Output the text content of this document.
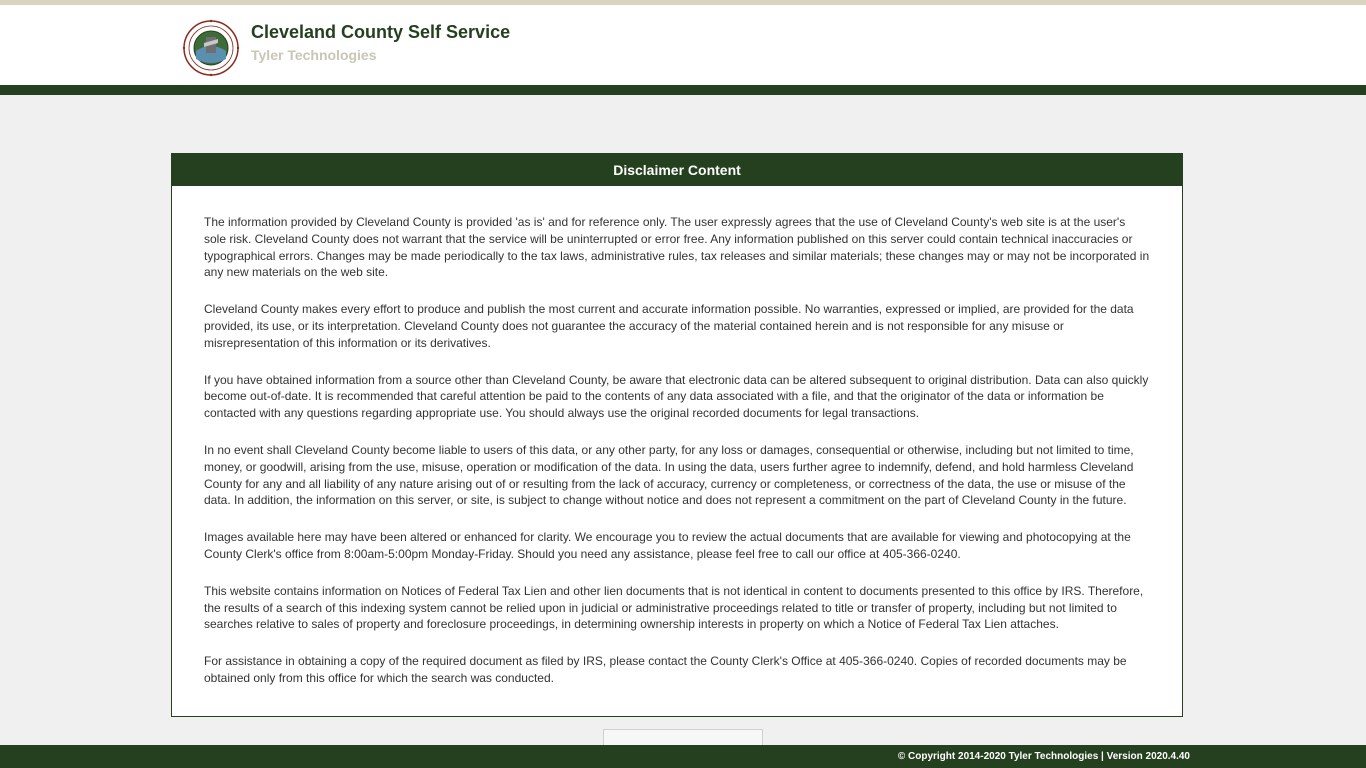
Cleveland County Self Service
Tyler Technologies
Disclaimer Content

The information provided by Cleveland County is provided 'as is' and for reference only. The user expressly agrees that the use of Cleveland County's web site is at the user's sole risk. Cleveland County does not warrant that the service will be uninterrupted or error free. Any information published on this server could contain technical inaccuracies or typographical errors. Changes may be made periodically to the tax laws, administrative rules, tax releases and similar materials; these changes may or may not be incorporated in any new materials on the web site.

Cleveland County makes every effort to produce and publish the most current and accurate information possible. No warranties, expressed or implied, are provided for the data provided, its use, or its interpretation. Cleveland County does not guarantee the accuracy of the material contained herein and is not responsible for any misuse or misrepresentation of this information or its derivatives.

If you have obtained information from a source other than Cleveland County, be aware that electronic data can be altered subsequent to original distribution. Data can also quickly become out-of-date. It is recommended that careful attention be paid to the contents of any data associated with a file, and that the originator of the data or information be contacted with any questions regarding appropriate use. You should always use the original recorded documents for legal transactions.

In no event shall Cleveland County become liable to users of this data, or any other party, for any loss or damages, consequential or otherwise, including but not limited to time, money, or goodwill, arising from the use, misuse, operation or modification of the data. In using the data, users further agree to indemnify, defend, and hold harmless Cleveland County for any and all liability of any nature arising out of or resulting from the lack of accuracy, currency or completeness, or correctness of the data, the use or misuse of the data. In addition, the information on this server, or site, is subject to change without notice and does not represent a commitment on the part of Cleveland County in the future.

Images available here may have been altered or enhanced for clarity. We encourage you to review the actual documents that are available for viewing and photocopying at the County Clerk's office from 8:00am-5:00pm Monday-Friday. Should you need any assistance, please feel free to call our office at 405-366-0240.

This website contains information on Notices of Federal Tax Lien and other lien documents that is not identical in content to documents presented to this office by IRS. Therefore, the results of a search of this indexing system cannot be relied upon in judicial or administrative proceedings related to title or transfer of property, including but not limited to searches relative to sales of property and foreclosure proceedings, in determining ownership interests in property on which a Notice of Federal Tax Lien attaches.

For assistance in obtaining a copy of the required document as filed by IRS, please contact the County Clerk's Office at 405-366-0240. Copies of recorded documents may be obtained only from this office for which the search was conducted.

© Copyright 2014-2020 Tyler Technologies | Version 2020.4.40
